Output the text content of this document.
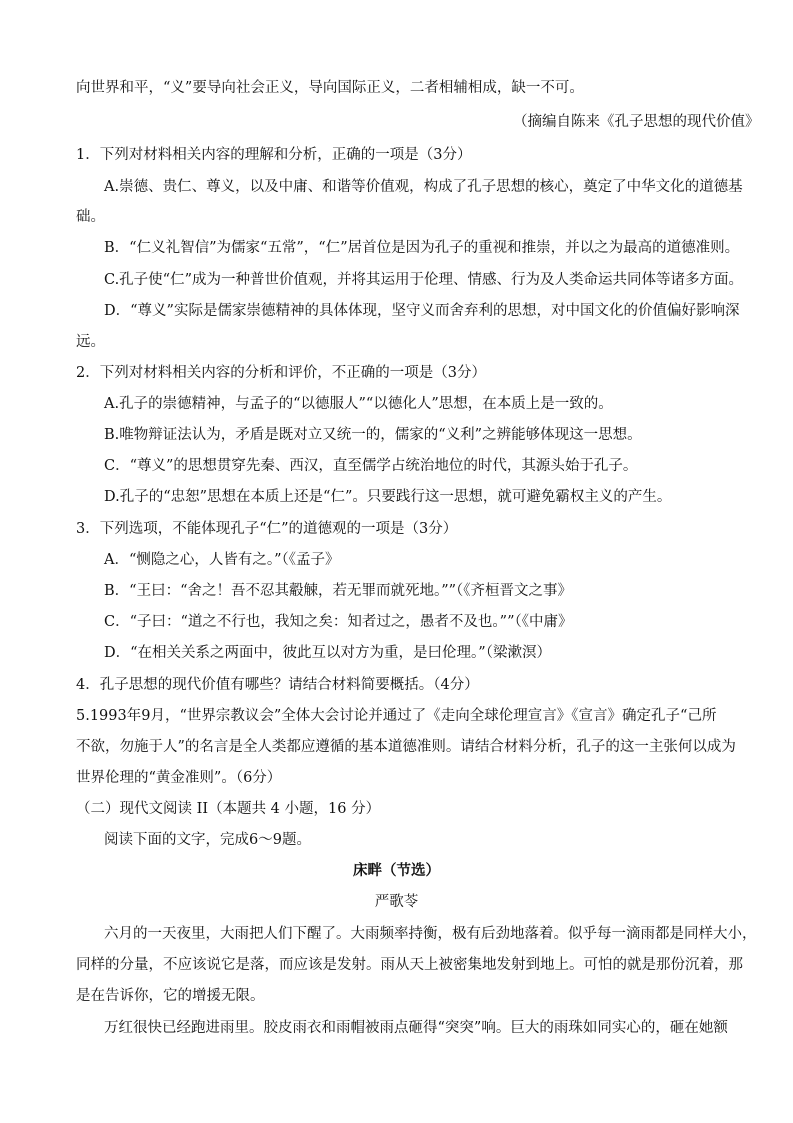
向世界和平，“义”要导向社会正义，导向国际正义，二者相辅相成，缺一不可。
（摘编自陈来《孔子思想的现代价值》
1．下列对材料相关内容的理解和分析，正确的一项是（3分）
A.崇德、贵仁、尊义，以及中庸、和谐等价值观，构成了孔子思想的核心，奠定了中华文化的道德基
础。
B．“仁义礼智信”为儒家“五常”，“仁”居首位是因为孔子的重视和推崇，并以之为最高的道德准则。
C.孔子使“仁”成为一种普世价值观，并将其运用于伦理、情感、行为及人类命运共同体等诸多方面。
D．“尊义”实际是儒家崇德精神的具体体现，坚守义而舍弃利的思想，对中国文化的价值偏好影响深
远。
2．下列对材料相关内容的分析和评价，不正确的一项是（3分）
A.孔子的崇德精神，与孟子的“以德服人”“以德化人”思想，在本质上是一致的。
B.唯物辩证法认为，矛盾是既对立又统一的，儒家的“义利”之辨能够体现这一思想。
C．“尊义”的思想贯穿先秦、西汉，直至儒学占统治地位的时代，其源头始于孔子。
D.孔子的“忠恕”思想在本质上还是“仁”。只要践行这一思想，就可避免霸权主义的产生。
3．下列选项，不能体现孔子“仁”的道德观的一项是（3分）
A．“恻隐之心，人皆有之。”（《孟子》
B．“王曰：“舍之！吾不忍其觳觫，若无罪而就死地。””（《齐桓晋文之事》
C．“子曰：“道之不行也，我知之矣：知者过之，愚者不及也。””（《中庸》
D．“在相关关系之两面中，彼此互以对方为重，是曰伦理。”（梁漱溟）
4．孔子思想的现代价值有哪些？请结合材料简要概括。（4分）
5.1993年9月，“世界宗教议会”全体大会讨论并通过了《走向全球伦理宣言》《宣言》确定孔子“己所
不欲，勿施于人”的名言是全人类都应遵循的基本道德准则。请结合材料分析，孔子的这一主张何以成为
世界伦理的“黄金准则”。（6分）
（二）现代文阅读 II（本题共 4 小题，16 分）
阅读下面的文字，完成6～9题。
床畔（节选）
严歌苓
六月的一天夜里，大雨把人们下醒了。大雨频率持衡，极有后劲地落着。似乎每一滴雨都是同样大小，
同样的分量，不应该说它是落，而应该是发射。雨从天上被密集地发射到地上。可怕的就是那份沉着，那
是在告诉你，它的增援无限。
万红很快已经跑进雨里。胶皮雨衣和雨帽被雨点砸得“突突”响。巨大的雨珠如同实心的，砸在她额
